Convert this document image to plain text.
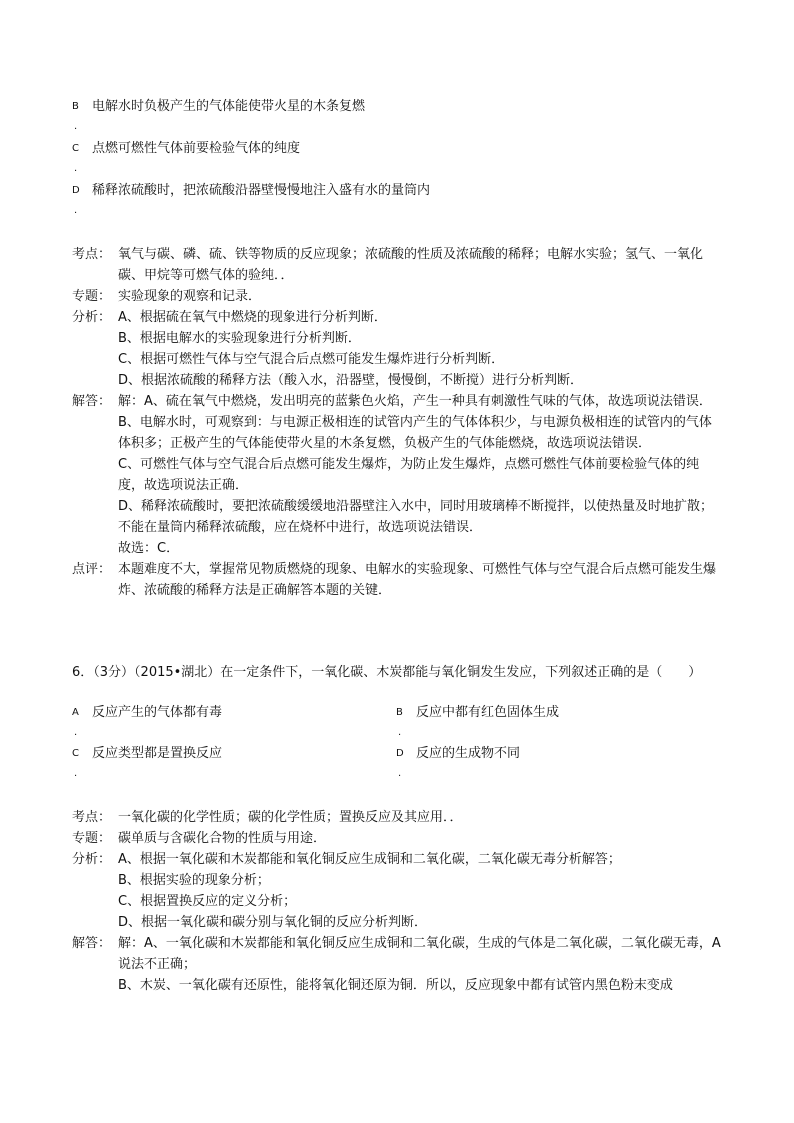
B 电解水时负极产生的气体能使带火星的木条复燃
.
C 点燃可燃性气体前要检验气体的纯度
.
D 稀释浓硫酸时，把浓硫酸沿器壁慢慢地注入盛有水的量筒内
.
考点： 氧气与碳、磷、硫、铁等物质的反应现象；浓硫酸的性质及浓硫酸的稀释；电解水实验；氢气、一氧化碳、甲烷等可燃气体的验纯．．
专题： 实验现象的观察和记录．
分析： A、根据硫在氧气中燃烧的现象进行分析判断．
B、根据电解水的实验现象进行分析判断．
C、根据可燃性气体与空气混合后点燃可能发生爆炸进行分析判断．
D、根据浓硫酸的稀释方法（酸入水，沿器壁，慢慢倒，不断搅）进行分析判断．
解答： 解：A、硫在氧气中燃烧，发出明亮的蓝紫色火焰，产生一种具有刺激性气味的气体，故选项说法错误．
B、电解水时，可观察到：与电源正极相连的试管内产生的气体体积少，与电源负极相连的试管内的气体体积多；正极产生的气体能使带火星的木条复燃，负极产生的气体能燃烧，故选项说法错误．
C、可燃性气体与空气混合后点燃可能发生爆炸，为防止发生爆炸，点燃可燃性气体前要检验气体的纯度，故选项说法正确．
D、稀释浓硫酸时，要把浓硫酸缓缓地沿器壁注入水中，同时用玻璃棒不断搅拌，以使热量及时地扩散；不能在量筒内稀释浓硫酸，应在烧杯中进行，故选项说法错误．
故选：C．
点评： 本题难度不大，掌握常见物质燃烧的现象、电解水的实验现象、可燃性气体与空气混合后点燃可能发生爆炸、浓硫酸的稀释方法是正确解答本题的关键．
6．（3分）（2015•湖北）在一定条件下，一氧化碳、木炭都能与氧化铜发生发应，下列叙述正确的是（　　）
A 反应产生的气体都有毒
.
B 反应中都有红色固体生成
.
C 反应类型都是置换反应
.
D 反应的生成物不同
.
考点： 一氧化碳的化学性质；碳的化学性质；置换反应及其应用．．
专题： 碳单质与含碳化合物的性质与用途．
分析： A、根据一氧化碳和木炭都能和氧化铜反应生成铜和二氧化碳，二氧化碳无毒分析解答；
B、根据实验的现象分析；
C、根据置换反应的定义分析；
D、根据一氧化碳和碳分别与氧化铜的反应分析判断．
解答： 解：A、一氧化碳和木炭都能和氧化铜反应生成铜和二氧化碳，生成的气体是二氧化碳，二氧化碳无毒，A说法不正确；
B、木炭、一氧化碳有还原性，能将氧化铜还原为铜．所以，反应现象中都有试管内黑色粉末变成
